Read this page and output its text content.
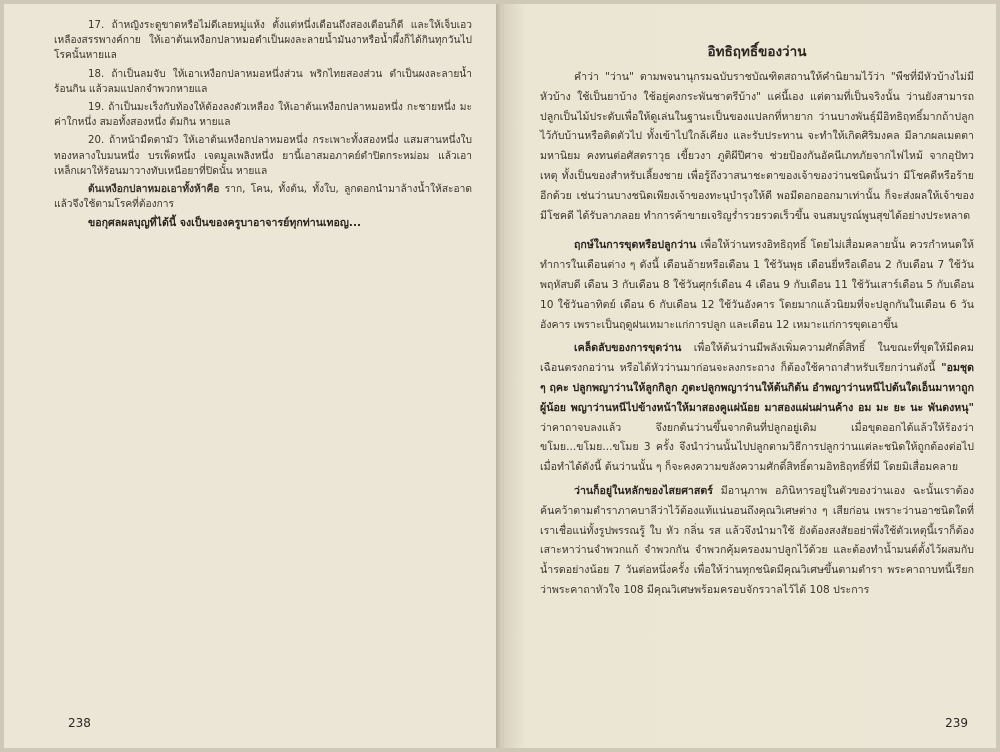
17. ถ้าหญิงระดูขาดหรือไม่ดีเลยหมู่แห้ง ตั้งแต่หนึ่งเดือนถึงสองเดือนก็ดี และให้เจ็บเอวเหลืองสรรพางค์กาย ให้เอาต้นเหงือกปลาหมอตำเป็นผงละลายน้ำมันงาหรือน้ำผึ้งก็ได้กินทุกวันไปโรคนั้นหายแล

18. ถ้าเป็นลมจับ ให้เอาเหงือกปลาหมอหนึ่งส่วน พริกไทยสองส่วน ตำเป็นผงละลายน้ำร้อนกิน แล้วลมแปลกจำพวกหายแล

19. ถ้าเป็นมะเร็งกับท้องให้ต้องลงตัวเหลือง ให้เอาต้นเหงือกปลาหมอหนึ่ง กะชายหนึ่ง มะค่าใกหนึ่ง สมอทั้งสองหนึ่ง ต้มกิน หายแล

20. ถ้าหน้ามืดตามัว ให้เอาต้นเหงือกปลาหมอหนึ่ง กระเพาะทั้งสองหนึ่ง แสมสานหนึ่งใบทองหลางใบมนหนึ่ง บรเพ็ดหนึ่ง เจตมูลเพลิงหนึ่ง ยานี้เอาสมอภาคย์ตำปิดกระหม่อม แล้วเอาเหล็กเผาให้ร้อนมาวางทับเหนือยาที่ปิดนั้น หายแล

ต้นเหงือกปลาหมอเอาทั้งห้าคือ ราก, โคน, ทั้งต้น, ทั้งใบ, ลูกดอกนำมาล้างน้ำให้สะอาดแล้วจึงใช้ตามโรคที่ต้องการ

ขอกุศลผลบุญที่ได้นี้ จงเป็นของครูบาอาจารย์ทุกท่านเทอญ...

238
อิทธิฤทธิ์ของว่าน

คำว่า "ว่าน" ตามพจนานุกรมฉบับราชบัณฑิตสถานให้คำนิยามไว้ว่า "พืชที่มีหัวบ้างไม่มีหัวบ้าง ใช้เป็นยาบ้าง ใช้อยู่คงกระพันชาตรีบ้าง" แค่นี้เอง แต่ตามที่เป็นจริงนั้น ว่านยังสามารถปลูกเป็นไม้ประดับเพื่อให้ดูเล่นในฐานะเป็นของแปลกที่หายาก ว่านบางพันธุ์มีอิทธิฤทธิ์มากถ้าปลูกไว้กับบ้านหรือติดตัวไป ทั้งเข้าไปใกล้เคียง และรับประทาน จะทำให้เกิดศิริมงคล มีลาภผลเมตตามหานิยม คงทนต่อศัสตราวุธ เขี้ยวงา ภูติผีปีศาจ ช่วยป้องกันอัคนีเภทภัยจากไฟไหม้ จากอุปัทวเหตุ ทั้งเป็นของสำหรับเลี้ยงชาย เพื่อรู้ถึงวาสนาชะตาของเจ้าของว่านชนิดนั้นว่า มีโชคดีหรือร้ายอีกด้วย เช่นว่านบางชนิดเพียงเจ้าของทะนุบำรุงให้ดี พอมีดอกออกมาเท่านั้น ก็จะส่งผลให้เจ้าของมีโชคดี ได้รับลาภลอย ทำการค้าขายเจริญร่ำรวยรวดเร็วขึ้น จนสมบูรณ์พูนสุขได้อย่างประหลาด

ฤกษ์ในการขุดหรือปลูกว่าน เพื่อให้ว่านทรงอิทธิฤทธิ์ โดยไม่เสื่อมคลายนั้น ควรกำหนดให้ทำการในเดือนต่าง ๆ ดังนี้ เดือนอ้ายหรือเดือน 1 ใช้วันพุธ เดือนยี่หรือเดือน 2 กับเดือน 7 ใช้วันพฤหัสบดี เดือน 3 กับเดือน 8 ใช้วันศุกร์เดือน 4 เดือน 9 กับเดือน 11 ใช้วันเสาร์เดือน 5 กับเดือน 10 ใช้วันอาทิตย์ เดือน 6 กับเดือน 12 ใช้วันอังคาร โดยมากแล้วนิยมที่จะปลูกกันในเดือน 6 วันอังคาร เพราะเป็นฤดูฝนเหมาะแก่การปลูก และเดือน 12 เหมาะแก่การขุดเอาขึ้น

เคล็ดลับของการขุดว่าน เพื่อให้ต้นว่านมีพลังเพิ่มความศักดิ์สิทธิ์ ในขณะที่ขุดให้มีดคมเฉือนตรงกอว่าน หรือได้หัวว่านมาก่อนจะลงกระถาง ก็ต้องใช้คาถาสำหรับเรียกว่านดังนี้ "อมชุด ๆ ฤคะ ปลูกพญาว่านให้ลูกกิลูก ภูตะปลูกพญาว่านให้ต้นกิต้น อำพญาว่านหนีไปต้นใดเอ็นมาหาถูกผู้น้อย พญาว่านหนีไปข้างหน้าให้มาสองคูแผ่น้อย มาสองแผ่นผ่านค้าง อม มะ ยะ นะ พันดงหนุ" ว่าคาถาจบลงแล้ว จึงยกต้นว่านขึ้นจากดินที่ปลูกอยู่เดิม เมื่อขุดออกได้แล้วให้ร้องว่า ขโมย...ขโมย...ขโมย 3 ครั้ง จึงนำว่านนั้นไปปลูกตามวิธีการปลูกว่านแต่ละชนิดให้ถูกต้องต่อไป เมื่อทำได้ดังนี้ ต้นว่านนั้น ๆ ก็จะคงความขลังความศักดิ์สิทธิ์ตามอิทธิฤทธิ์ที่มี โดยมิเสื่อมคลาย

ว่านก็อยู่ในหลักของไสยศาสตร์ มีอานุภาพ อภินิหารอยู่ในตัวของว่านเอง ฉะนั้นเราต้องค้นคว้าตามตำราภาคบาลีว่าไว้ต้องแท้แน่นอนถึงคุณวิเศษต่าง ๆ เสียก่อน เพราะว่านอาชนิดใดที่เราเชื่อแน่ทั้งรูปพรรณรู้ ใบ หัว กลิ่น รส แล้วจึงนำมาใช้ ยังต้องสงสัยอย่าพึ่งใช้ตัวเหตุนี้เราก็ต้องเสาะหาว่านจำพวกแก้ จำพวกกัน จำพวกคุ้มครองมาปลูกไว้ด้วย และต้องทำน้ำมนต์ตั้งไว้ผสมกับน้ำรดอย่างน้อย 7 วันต่อหนึ่งครั้ง เพื่อให้ว่านทุกชนิดมีคุณวิเศษขึ้นตามตำรา พระคาถาบทนี้เรียกว่าพระคาถาหัวใจ 108 มีคุณวิเศษพร้อมครอบจักรวาลไว้ได้ 108 ประการ

239
